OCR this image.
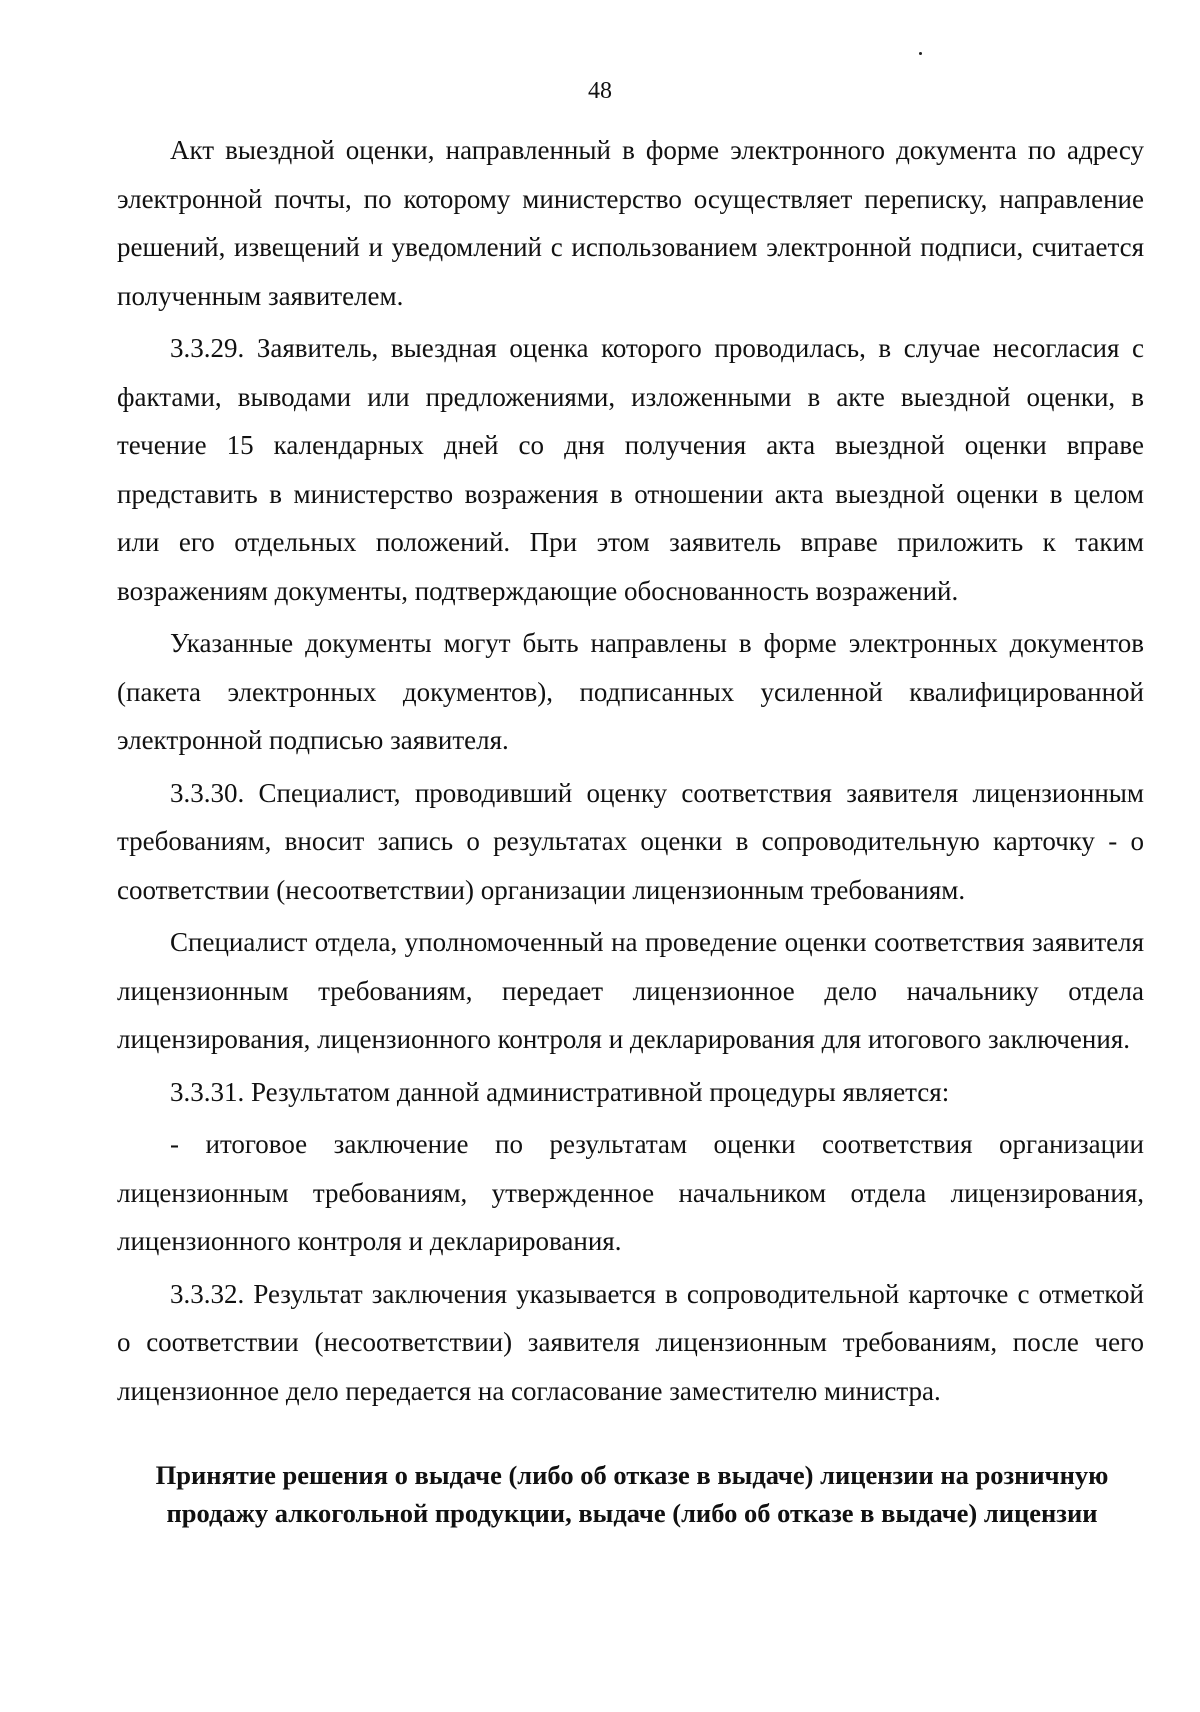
48

Акт выездной оценки, направленный в форме электронного документа по адресу электронной почты, по которому министерство осуществляет переписку, направление решений, извещений и уведомлений с использованием электронной подписи, считается полученным заявителем.

3.3.29. Заявитель, выездная оценка которого проводилась, в случае несогласия с фактами, выводами или предложениями, изложенными в акте выездной оценки, в течение 15 календарных дней со дня получения акта выездной оценки вправе представить в министерство возражения в отношении акта выездной оценки в целом или его отдельных положений. При этом заявитель вправе приложить к таким возражениям документы, подтверждающие обоснованность возражений.

Указанные документы могут быть направлены в форме электронных документов (пакета электронных документов), подписанных усиленной квалифицированной электронной подписью заявителя.

3.3.30. Специалист, проводивший оценку соответствия заявителя лицензионным требованиям, вносит запись о результатах оценки в сопроводительную карточку - о соответствии (несоответствии) организации лицензионным требованиям.

Специалист отдела, уполномоченный на проведение оценки соответствия заявителя лицензионным требованиям, передает лицензионное дело начальнику отдела лицензирования, лицензионного контроля и декларирования для итогового заключения.

3.3.31. Результатом данной административной процедуры является:

- итоговое заключение по результатам оценки соответствия организации лицензионным требованиям, утвержденное начальником отдела лицензирования, лицензионного контроля и декларирования.

3.3.32. Результат заключения указывается в сопроводительной карточке с отметкой о соответствии (несоответствии) заявителя лицензионным требованиям, после чего лицензионное дело передается на согласование заместителю министра.

Принятие решения о выдаче (либо об отказе в выдаче) лицензии на розничную
продажу алкогольной продукции, выдаче (либо об отказе в выдаче) лицензии
